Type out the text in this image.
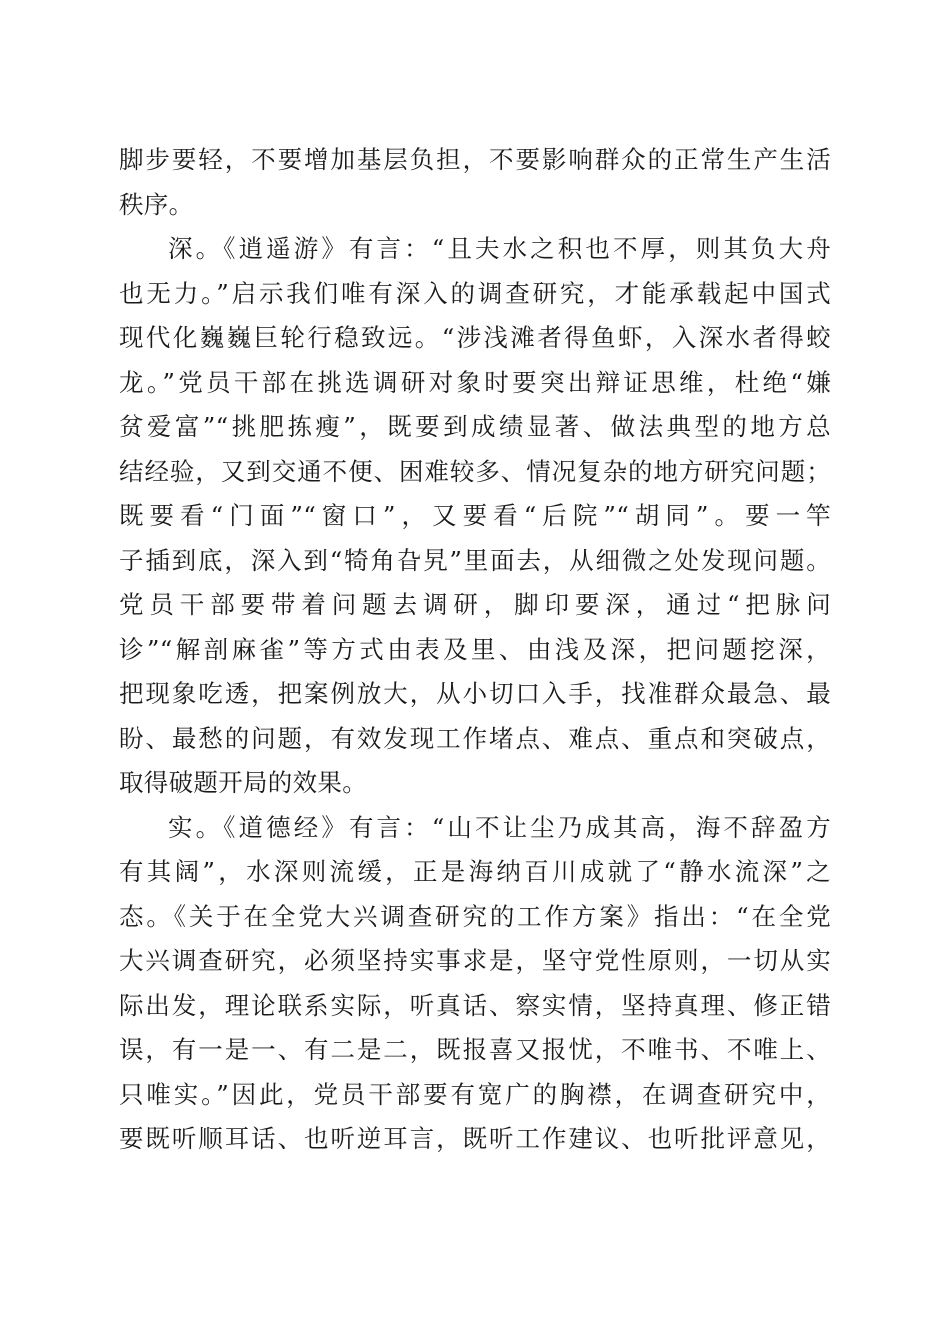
脚步要轻，不要增加基层负担，不要影响群众的正常生产生活
秩序。
深。《逍遥游》有言：“且夫水之积也不厚，则其负大舟
也无力。”启示我们唯有深入的调查研究，才能承载起中国式
现代化巍巍巨轮行稳致远。“涉浅滩者得鱼虾，入深水者得蛟
龙。”党员干部在挑选调研对象时要突出辩证思维，杜绝“嫌
贫爱富”“挑肥拣瘦”，既要到成绩显著、做法典型的地方总
结经验，又到交通不便、困难较多、情况复杂的地方研究问题；
既要看“门面”“窗口”，又要看“后院”“胡同”。要一竿
子插到底，深入到“犄角旮旯”里面去，从细微之处发现问题。
党员干部要带着问题去调研，脚印要深，通过“把脉问
诊”“解剖麻雀”等方式由表及里、由浅及深，把问题挖深，
把现象吃透，把案例放大，从小切口入手，找准群众最急、最
盼、最愁的问题，有效发现工作堵点、难点、重点和突破点，
取得破题开局的效果。
实。《道德经》有言：“山不让尘乃成其高，海不辞盈方
有其阔”，水深则流缓，正是海纳百川成就了“静水流深”之
态。《关于在全党大兴调查研究的工作方案》指出：“在全党
大兴调查研究，必须坚持实事求是，坚守党性原则，一切从实
际出发，理论联系实际，听真话、察实情，坚持真理、修正错
误，有一是一、有二是二，既报喜又报忧，不唯书、不唯上、
只唯实。”因此，党员干部要有宽广的胸襟，在调查研究中，
要既听顺耳话、也听逆耳言，既听工作建议、也听批评意见，
